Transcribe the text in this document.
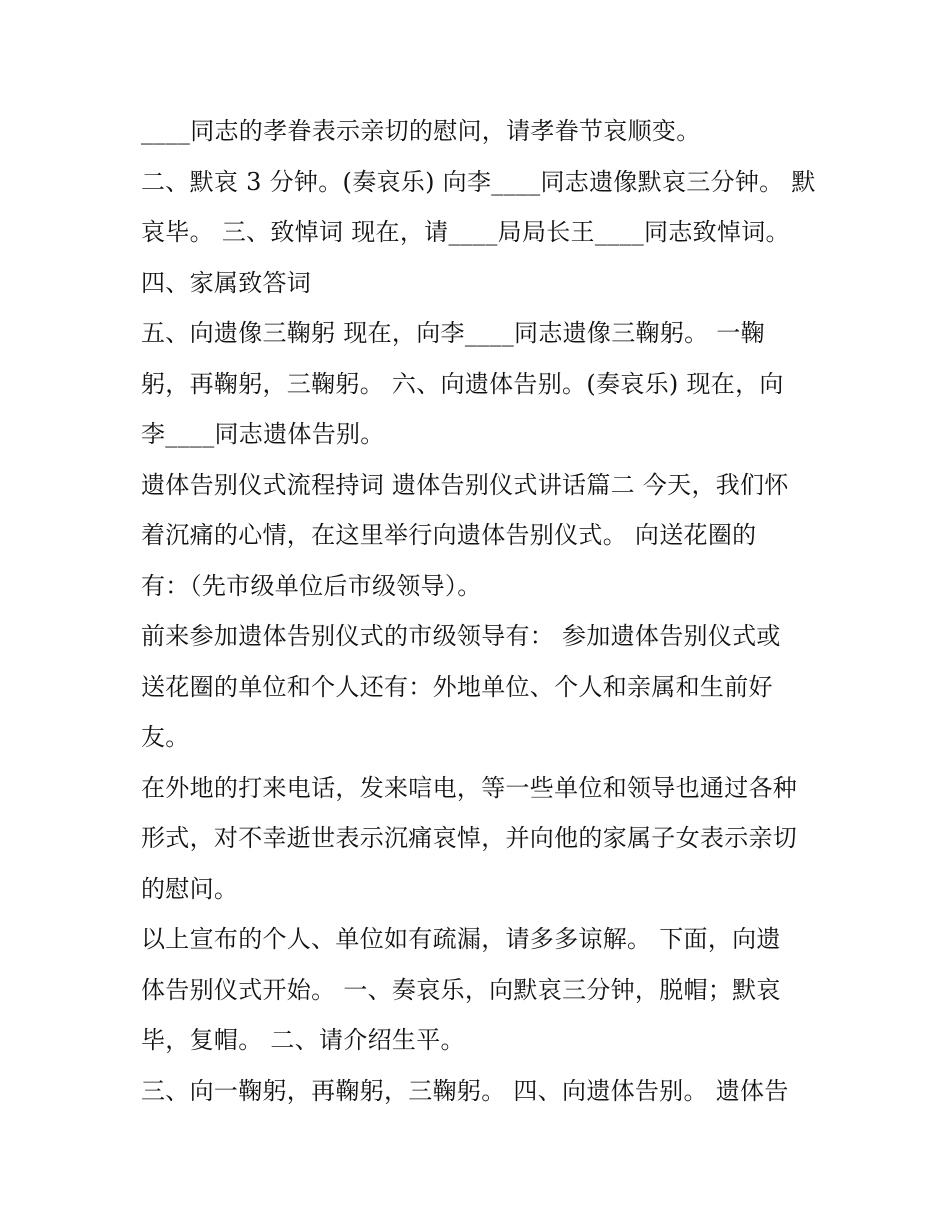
____同志的孝眷表示亲切的慰问，请孝眷节哀顺变。
二、默哀 3 分钟。(奏哀乐) 向李____同志遗像默哀三分钟。 默
哀毕。 三、致悼词 现在，请____局局长王____同志致悼词。
四、家属致答词
五、向遗像三鞠躬 现在，向李____同志遗像三鞠躬。 一鞠
躬，再鞠躬，三鞠躬。 六、向遗体告别。(奏哀乐) 现在，向
李____同志遗体告别。
遗体告别仪式流程持词 遗体告别仪式讲话篇二 今天，我们怀
着沉痛的心情，在这里举行向遗体告别仪式。 向送花圈的
有：（先市级单位后市级领导）。
前来参加遗体告别仪式的市级领导有： 参加遗体告别仪式或
送花圈的单位和个人还有：外地单位、个人和亲属和生前好
友。
在外地的打来电话，发来唁电，等一些单位和领导也通过各种
形式，对不幸逝世表示沉痛哀悼，并向他的家属子女表示亲切
的慰问。
以上宣布的个人、单位如有疏漏，请多多谅解。 下面，向遗
体告别仪式开始。 一、奏哀乐，向默哀三分钟，脱帽；默哀
毕，复帽。 二、请介绍生平。
三、向一鞠躬，再鞠躬，三鞠躬。 四、向遗体告别。 遗体告
